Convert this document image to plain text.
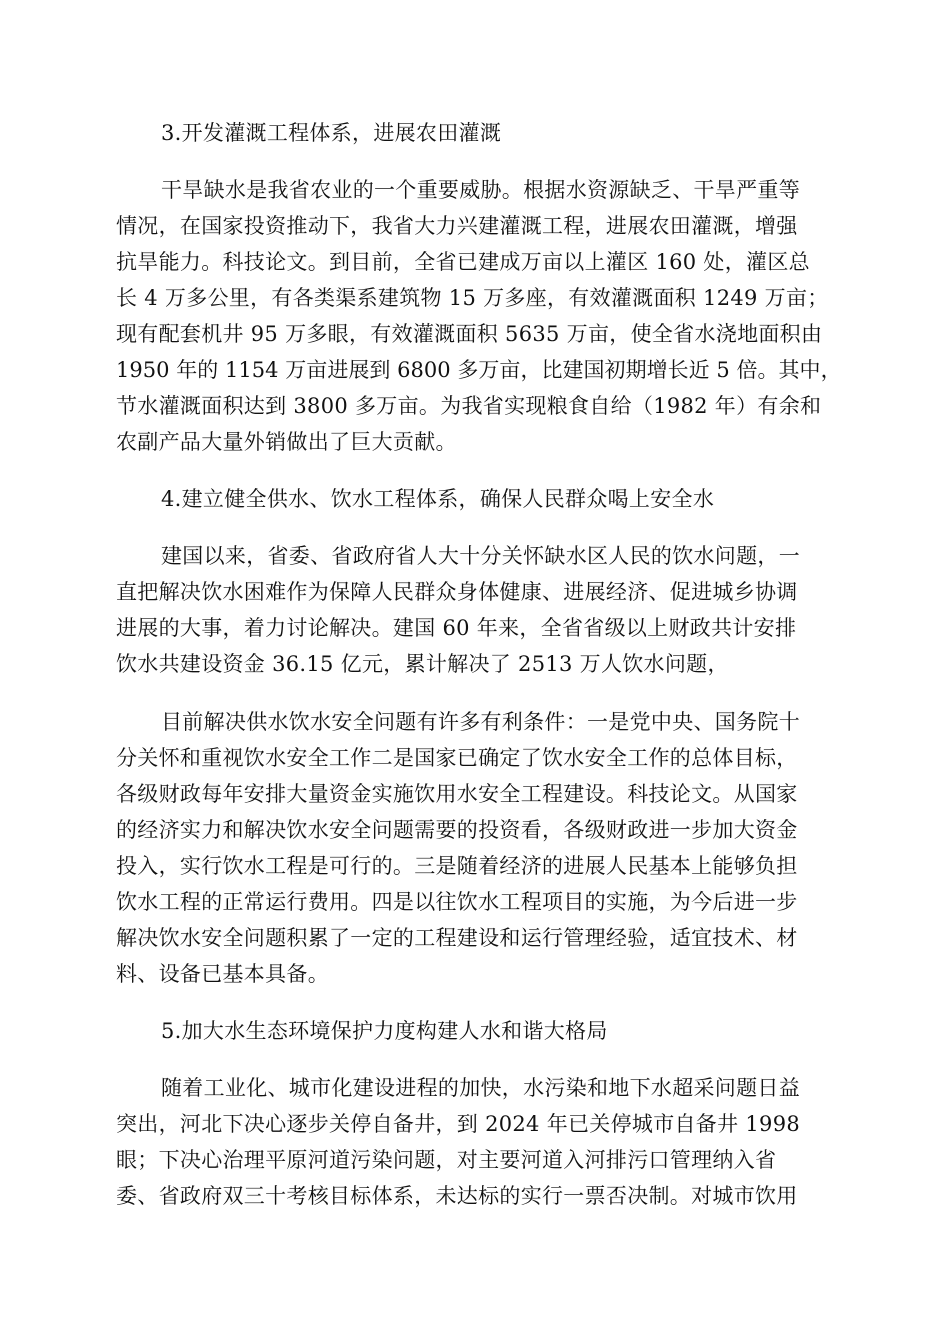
3.开发灌溉工程体系，进展农田灌溉
干旱缺水是我省农业的一个重要威胁。根据水资源缺乏、干旱严重等
情况，在国家投资推动下，我省大力兴建灌溉工程，进展农田灌溉，增强
抗旱能力。科技论文。到目前，全省已建成万亩以上灌区 160 处，灌区总
长 4 万多公里，有各类渠系建筑物 15 万多座，有效灌溉面积 1249 万亩；
现有配套机井 95 万多眼，有效灌溉面积 5635 万亩，使全省水浇地面积由
1950 年的 1154 万亩进展到 6800 多万亩，比建国初期增长近 5 倍。其中，
节水灌溉面积达到 3800 多万亩。为我省实现粮食自给（1982 年）有余和
农副产品大量外销做出了巨大贡献。
4.建立健全供水、饮水工程体系，确保人民群众喝上安全水
建国以来，省委、省政府省人大十分关怀缺水区人民的饮水问题，一
直把解决饮水困难作为保障人民群众身体健康、进展经济、促进城乡协调
进展的大事，着力讨论解决。建国 60 年来，全省省级以上财政共计安排
饮水共建设资金 36.15 亿元，累计解决了 2513 万人饮水问题，
目前解决供水饮水安全问题有许多有利条件：一是党中央、国务院十
分关怀和重视饮水安全工作二是国家已确定了饮水安全工作的总体目标，
各级财政每年安排大量资金实施饮用水安全工程建设。科技论文。从国家
的经济实力和解决饮水安全问题需要的投资看，各级财政进一步加大资金
投入，实行饮水工程是可行的。三是随着经济的进展人民基本上能够负担
饮水工程的正常运行费用。四是以往饮水工程项目的实施，为今后进一步
解决饮水安全问题积累了一定的工程建设和运行管理经验，适宜技术、材
料、设备已基本具备。
5.加大水生态环境保护力度构建人水和谐大格局
随着工业化、城市化建设进程的加快，水污染和地下水超采问题日益
突出，河北下决心逐步关停自备井，到 2024 年已关停城市自备井 1998
眼；下决心治理平原河道污染问题，对主要河道入河排污口管理纳入省
委、省政府双三十考核目标体系，未达标的实行一票否决制。对城市饮用
